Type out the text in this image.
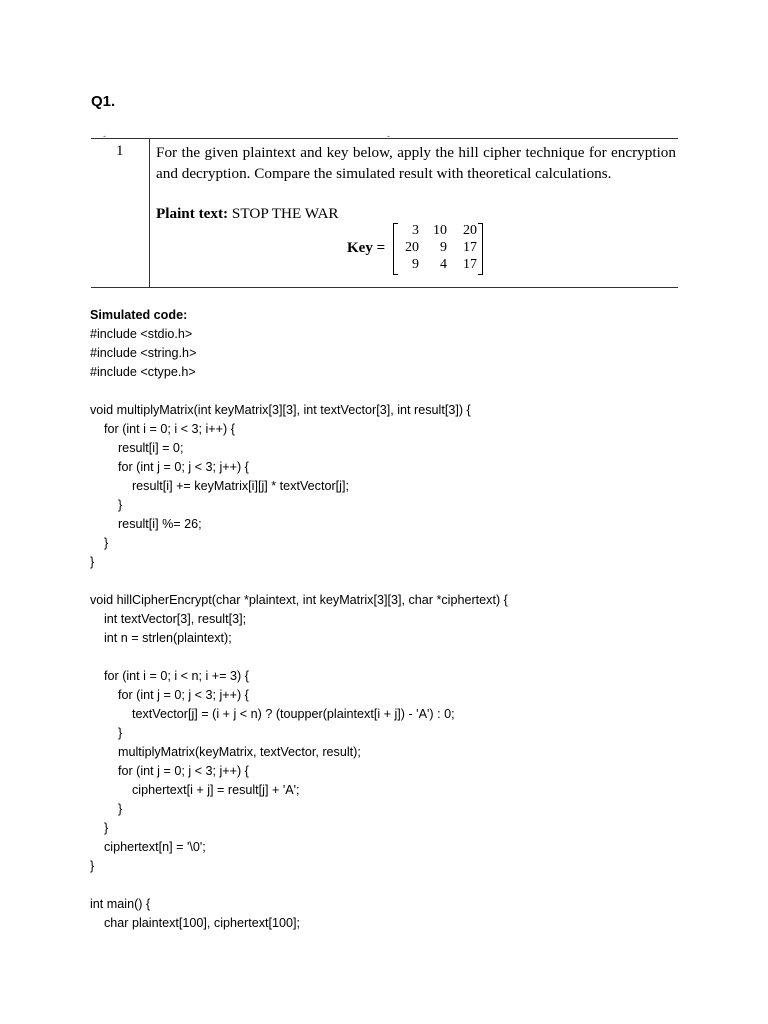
Q1.
-	-
1 For the given plaintext and key below, apply the hill cipher technique for encryption and decryption. Compare the simulated result with theoretical calculations.
Plaint text: STOP THE WAR
Key =
3	10	20
20	9	17
9	4	17
Simulated code:
#include <stdio.h>
#include <string.h>
#include <ctype.h>
void multiplyMatrix(int keyMatrix[3][3], int textVector[3], int result[3]) {
for (int i = 0; i < 3; i++) {
result[i] = 0;
for (int j = 0; j < 3; j++) {
result[i] += keyMatrix[i][j] * textVector[j];
}
result[i] %= 26;
}
}
void hillCipherEncrypt(char *plaintext, int keyMatrix[3][3], char *ciphertext) {
int textVector[3], result[3];
int n = strlen(plaintext);
for (int i = 0; i < n; i += 3) {
for (int j = 0; j < 3; j++) {
textVector[j] = (i + j < n) ? (toupper(plaintext[i + j]) - 'A') : 0;
}
multiplyMatrix(keyMatrix, textVector, result);
for (int j = 0; j < 3; j++) {
ciphertext[i + j] = result[j] + 'A';
}
}
ciphertext[n] = '\0';
}
int main() {
char plaintext[100], ciphertext[100];
